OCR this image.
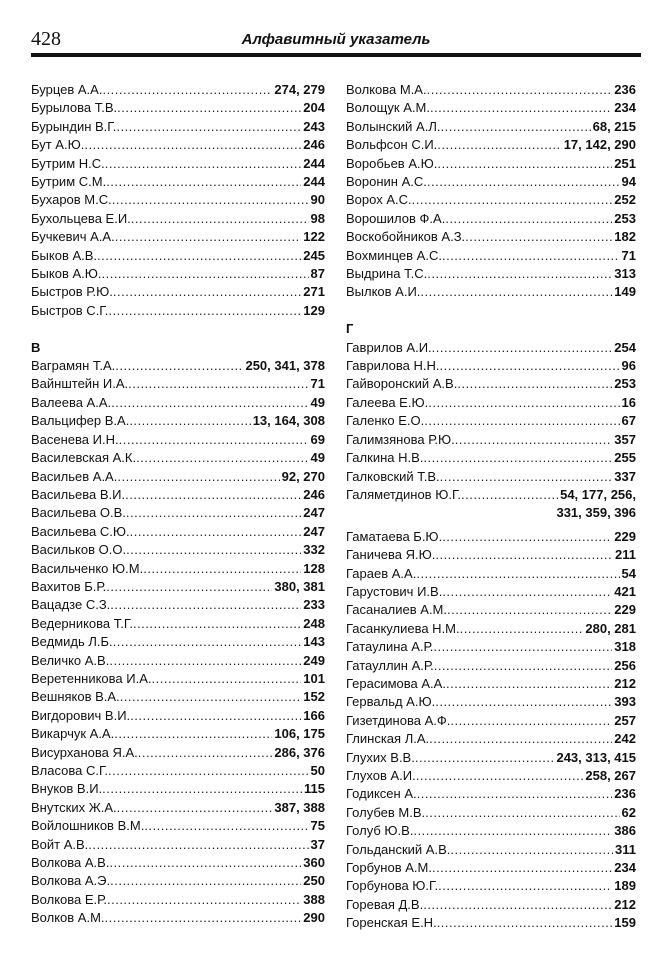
428	Алфавитный указатель
Бурцев А.А. .....	274, 279
Бурылова Т.В. .....	204
Бурындин В.Г. .....	243
Бут А.Ю. .....	246
Бутрим Н.С. .....	244
Бутрим С.М. .....	244
Бухаров М.С. .....	90
Бухольцева Е.И. .....	98
Бучкевич А.А. .....	122
Быков А.В. .....	245
Быков А.Ю. .....	87
Быстров Р.Ю. .....	271
Быстров С.Г. .....	129
В
Ваграмян Т.А. .....	250, 341, 378
Вайнштейн И.А. .....	71
Валеева А.А. .....	49
Вальцифер В.А. .....	13, 164, 308
Васенева И.Н. .....	69
Василевская А.К. .....	49
Васильев А.А. .....	92, 270
Васильева В.И. .....	246
Васильева О.В. .....	247
Васильева С.Ю. .....	247
Васильков О.О. .....	332
Васильченко Ю.М. .....	128
Вахитов Б.Р. .....	380, 381
Вацадзе С.З. .....	233
Ведерникова Т.Г. .....	248
Ведмидь Л.Б. .....	143
Величко А.В. .....	249
Веретенникова И.А. .....	101
Вешняков В.А. .....	152
Вигдорович В.И. .....	166
Викарчук А.А. .....	106, 175
Висурханова Я.А. .....	286, 376
Власова С.Г. .....	50
Внуков В.И. .....	115
Внутских Ж.А. .....	387, 388
Войлошников В.М. .....	75
Войт А.В. .....	37
Волкова А.В. .....	360
Волкова А.Э. .....	250
Волкова Е.Р. .....	388
Волков А.М. .....	290
Волкова М.А. .....	236
Волощук А.М. .....	234
Волынский А.Л. .....	68, 215
Вольфсон С.И. .....	17, 142, 290
Воробьев А.Ю. .....	251
Воронин А.С. .....	94
Ворох А.С. .....	252
Ворошилов Ф.А. .....	253
Воскобойников А.З. .....	182
Вохминцев А.С. .....	71
Выдрина Т.С. .....	313
Вылков А.И. .....	149
Г
Гаврилов А.И. .....	254
Гаврилова Н.Н. .....	96
Гайворонский А.В. .....	253
Галеева Е.Ю. .....	16
Галенко Е.О. .....	67
Галимзянова Р.Ю. .....	357
Галкина Н.В. .....	255
Галковский Т.В. .....	337
Галяметдинов Ю.Г. .....	54, 177, 256,
331, 359, 396
Гаматаева Б.Ю. .....	229
Ганичева Я.Ю. .....	211
Гараев А.А. .....	54
Гарустович И.В. .....	421
Гасаналиев А.М. .....	229
Гасанкулиева Н.М. .....	280, 281
Гатаулина А.Р. .....	318
Гатауллин А.Р. .....	256
Герасимова А.А. .....	212
Гервальд А.Ю. .....	393
Гизетдинова А.Ф. .....	257
Глинская Л.А. .....	242
Глухих В.В. .....	243, 313, 415
Глухов А.И. .....	258, 267
Годиксен А. .....	236
Голубев М.В. .....	62
Голуб Ю.В. .....	386
Гольданский А.В. .....	311
Горбунов А.М. .....	234
Горбунова Ю.Г. .....	189
Горевая Д.В. .....	212
Горенская Е.Н. .....	159
